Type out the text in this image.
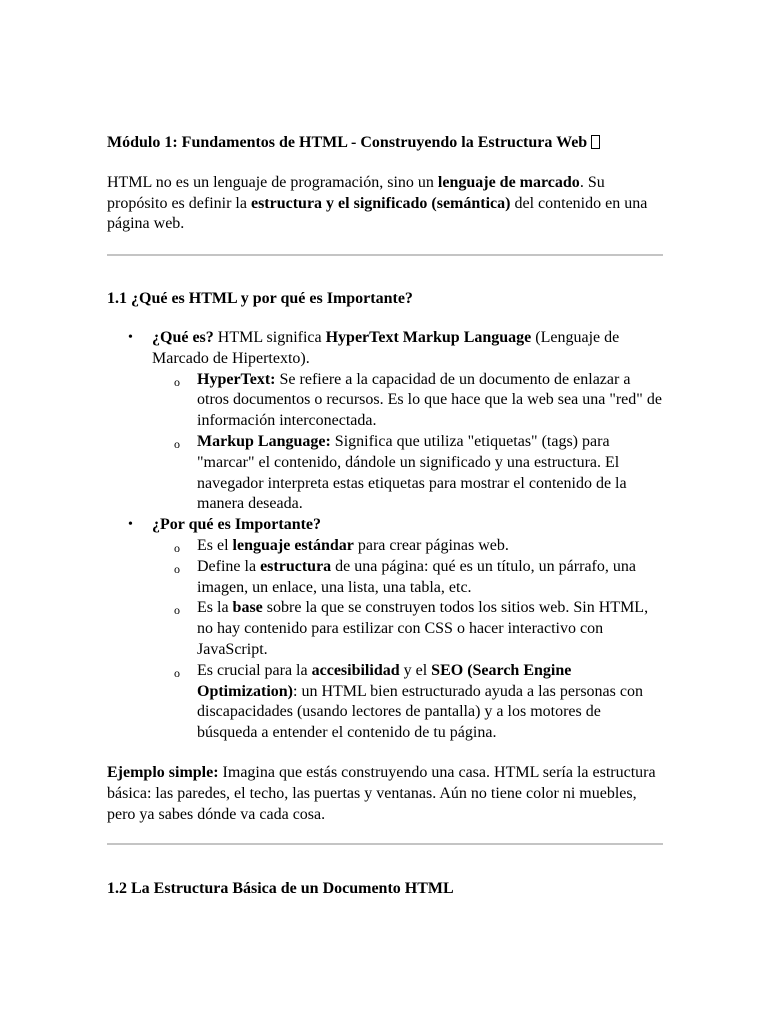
Módulo 1: Fundamentos de HTML - Construyendo la Estructura Web

HTML no es un lenguaje de programación, sino un lenguaje de marcado. Su propósito es definir la estructura y el significado (semántica) del contenido en una página web.

1.1 ¿Qué es HTML y por qué es Importante?
• ¿Qué es? HTML significa HyperText Markup Language (Lenguaje de Marcado de Hipertexto).
o HyperText: Se refiere a la capacidad de un documento de enlazar a otros documentos o recursos. Es lo que hace que la web sea una "red" de información interconectada.
o Markup Language: Significa que utiliza "etiquetas" (tags) para "marcar" el contenido, dándole un significado y una estructura. El navegador interpreta estas etiquetas para mostrar el contenido de la manera deseada.
• ¿Por qué es Importante?
o Es el lenguaje estándar para crear páginas web.
o Define la estructura de una página: qué es un título, un párrafo, una imagen, un enlace, una lista, una tabla, etc.
o Es la base sobre la que se construyen todos los sitios web. Sin HTML, no hay contenido para estilizar con CSS o hacer interactivo con JavaScript.
o Es crucial para la accesibilidad y el SEO (Search Engine Optimization): un HTML bien estructurado ayuda a las personas con discapacidades (usando lectores de pantalla) y a los motores de búsqueda a entender el contenido de tu página.

Ejemplo simple: Imagina que estás construyendo una casa. HTML sería la estructura básica: las paredes, el techo, las puertas y ventanas. Aún no tiene color ni muebles, pero ya sabes dónde va cada cosa.

1.2 La Estructura Básica de un Documento HTML
